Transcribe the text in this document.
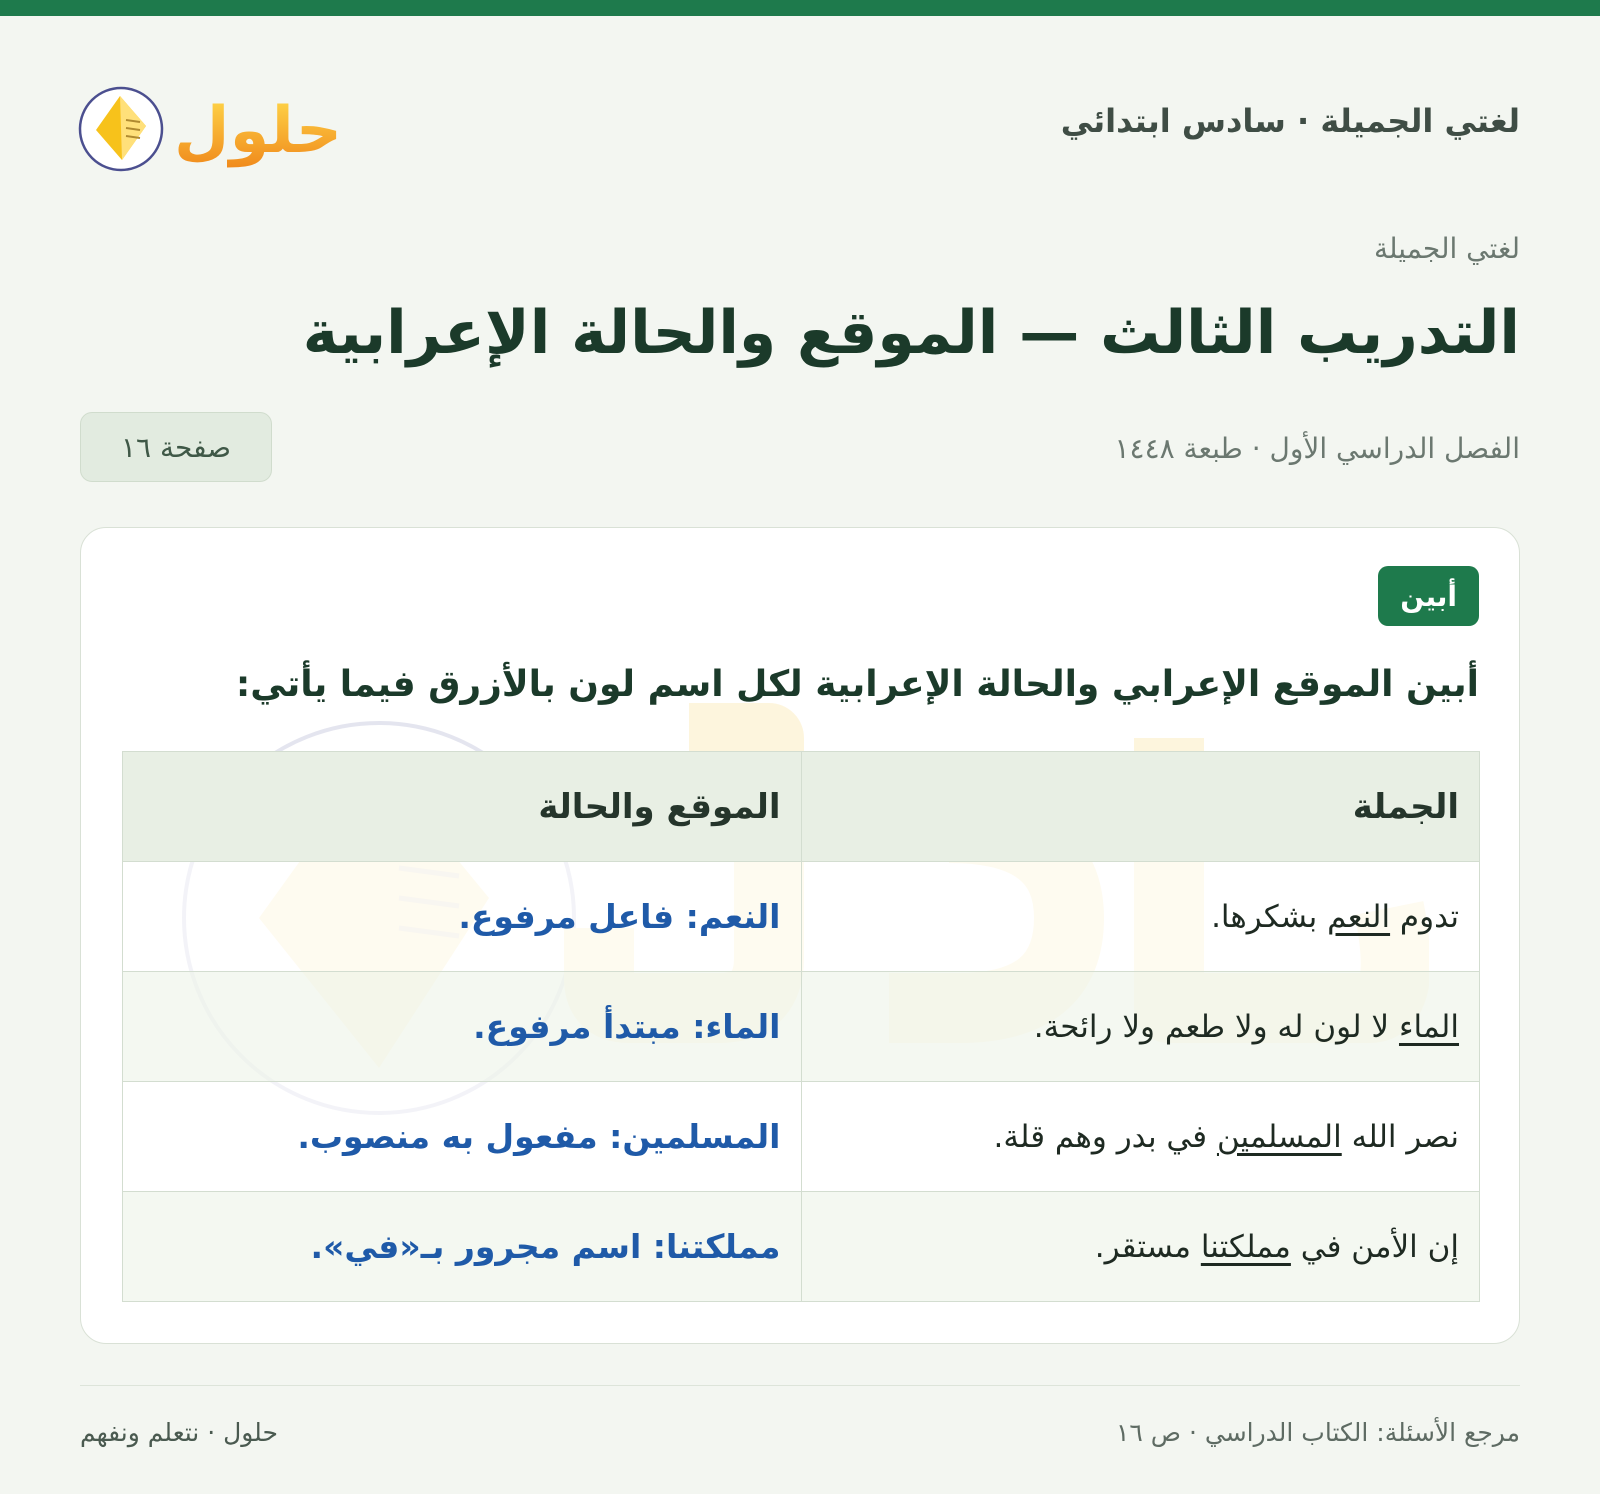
لغتي الجميلة · سادس ابتدائي
حلول
لغتي الجميلة
التدريب الثالث — الموقع والحالة الإعرابية
الفصل الدراسي الأول · طبعة ١٤٤٨
صفحة ١٦
أبين
أبين الموقع الإعرابي والحالة الإعرابية لكل اسم لون بالأزرق فيما يأتي:
الجملة	الموقع والحالة
تدوم النعم بشكرها.	النعم: فاعل مرفوع.
الماء لا لون له ولا طعم ولا رائحة.	الماء: مبتدأ مرفوع.
نصر الله المسلمين في بدر وهم قلة.	المسلمين: مفعول به منصوب.
إن الأمن في مملكتنا مستقر.	مملكتنا: اسم مجرور بـ«في».
مرجع الأسئلة: الكتاب الدراسي · ص ١٦
حلول · نتعلم ونفهم
